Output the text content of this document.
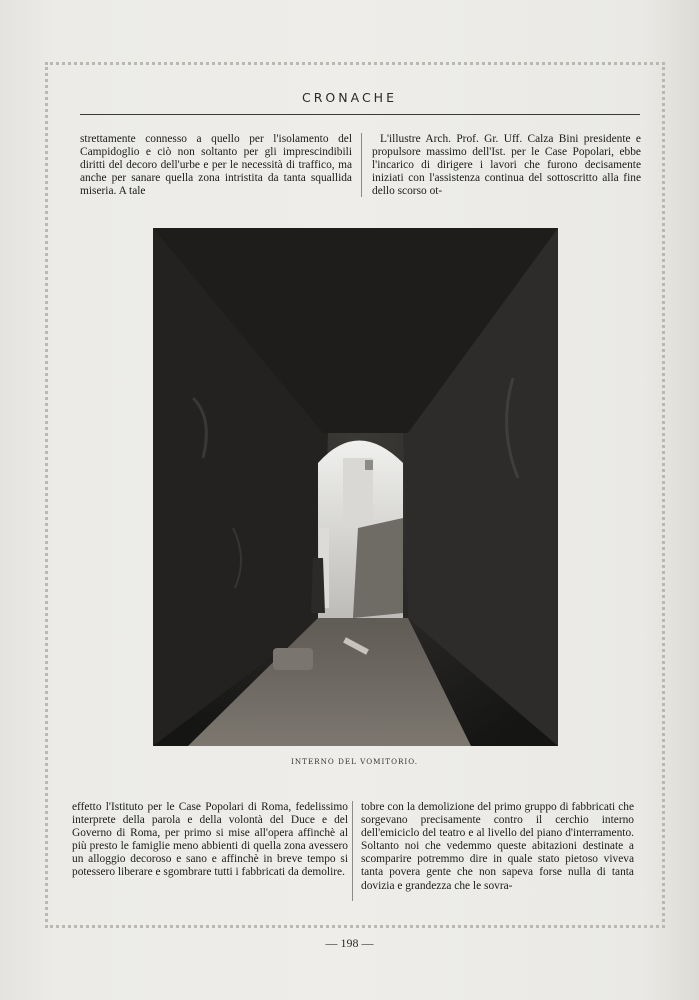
CRONACHE
strettamente connesso a quello per l'isolamento del Campidoglio e ciò non soltanto per gli imprescindibili diritti del decoro dell'urbe e per le necessità di traffico, ma anche per sanare quella zona intristita da tanta squallida miseria. A tale
L'illustre Arch. Prof. Gr. Uff. Calza Bini presidente e propulsore massimo dell'Ist. per le Case Popolari, ebbe l'incarico di dirigere i lavori che furono decisamente iniziati con l'assistenza continua del sottoscritto alla fine dello scorso ot-
INTERNO DEL VOMITORIO.
effetto l'Istituto per le Case Popolari di Roma, fedelissimo interprete della parola e della volontà del Duce e del Governo di Roma, per primo si mise all'opera affinchè al più presto le famiglie meno abbienti di quella zona avessero un alloggio decoroso e sano e affinchè in breve tempo si potessero liberare e sgombrare tutti i fabbricati da demolire.
tobre con la demolizione del primo gruppo di fabbricati che sorgevano precisamente contro il cerchio interno dell'emiciclo del teatro e al livello del piano d'interramento. Soltanto noi che vedemmo queste abitazioni destinate a scomparire potremmo dire in quale stato pietoso viveva tanta povera gente che non sapeva forse nulla di tanta dovizia e grandezza che le sovra-
— 198 —
